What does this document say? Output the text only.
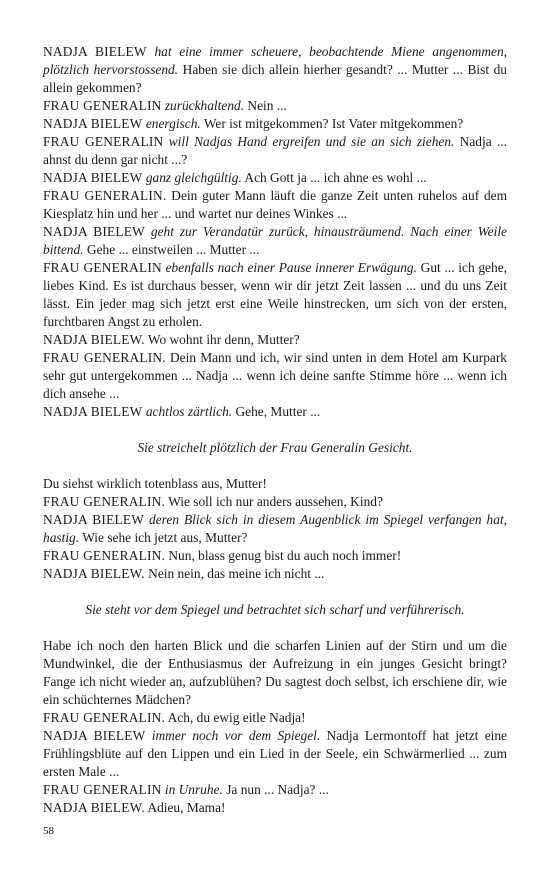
NADJA BIELEW hat eine immer scheuere, beobachtende Miene angenommen, plötzlich hervorstossend. Haben sie dich allein hierher gesandt? ... Mutter ... Bist du allein gekommen?

FRAU GENERALIN zurückhaltend. Nein ...

NADJA BIELEW energisch. Wer ist mitgekommen? Ist Vater mitgekommen?

FRAU GENERALIN will Nadjas Hand ergreifen und sie an sich ziehen. Nadja ... ahnst du denn gar nicht ...?

NADJA BIELEW ganz gleichgültig. Ach Gott ja ... ich ahne es wohl ...

FRAU GENERALIN. Dein guter Mann läuft die ganze Zeit unten ruhelos auf dem Kiesplatz hin und her ... und wartet nur deines Winkes ...

NADJA BIELEW geht zur Verandatür zurück, hinausträumend. Nach einer Weile bittend. Gehe ... einstweilen ... Mutter ...

FRAU GENERALIN ebenfalls nach einer Pause innerer Erwägung. Gut ... ich gehe, liebes Kind. Es ist durchaus besser, wenn wir dir jetzt Zeit lassen ... und du uns Zeit lässt. Ein jeder mag sich jetzt erst eine Weile hinstrecken, um sich von der ersten, furchtbaren Angst zu erholen.

NADJA BIELEW. Wo wohnt ihr denn, Mutter?

FRAU GENERALIN. Dein Mann und ich, wir sind unten in dem Hotel am Kurpark sehr gut untergekommen ... Nadja ... wenn ich deine sanfte Stimme höre ... wenn ich dich ansehe ...

NADJA BIELEW achtlos zärtlich. Gehe, Mutter ...

Sie streichelt plötzlich der Frau Generalin Gesicht.

Du siehst wirklich totenblass aus, Mutter!

FRAU GENERALIN. Wie soll ich nur anders aussehen, Kind?

NADJA BIELEW deren Blick sich in diesem Augenblick im Spiegel verfangen hat, hastig. Wie sehe ich jetzt aus, Mutter?

FRAU GENERALIN. Nun, blass genug bist du auch noch immer!

NADJA BIELEW. Nein nein, das meine ich nicht ...

Sie steht vor dem Spiegel und betrachtet sich scharf und verführerisch.

Habe ich noch den harten Blick und die scharfen Linien auf der Stirn und um die Mundwinkel, die der Enthusiasmus der Aufreizung in ein junges Gesicht bringt? Fange ich nicht wieder an, aufzublühen? Du sagtest doch selbst, ich erschiene dir, wie ein schüchternes Mädchen?

FRAU GENERALIN. Ach, du ewig eitle Nadja!

NADJA BIELEW immer noch vor dem Spiegel. Nadja Lermontoff hat jetzt eine Frühlingsblüte auf den Lippen und ein Lied in der Seele, ein Schwärmerlied ... zum ersten Male ...

FRAU GENERALIN in Unruhe. Ja nun ... Nadja? ...

NADJA BIELEW. Adieu, Mama!

58
